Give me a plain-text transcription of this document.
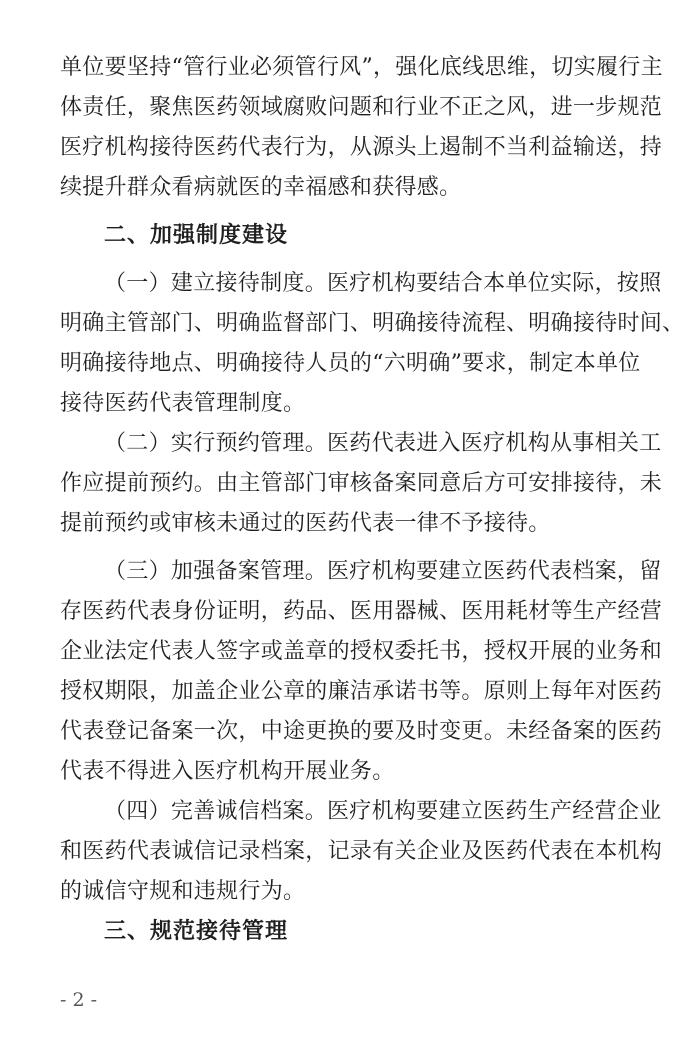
单位要坚持“管行业必须管行风”，强化底线思维，切实履行主
体责任，聚焦医药领域腐败问题和行业不正之风，进一步规范
医疗机构接待医药代表行为，从源头上遏制不当利益输送，持
续提升群众看病就医的幸福感和获得感。
二、加强制度建设
（一）建立接待制度。医疗机构要结合本单位实际，按照
明确主管部门、明确监督部门、明确接待流程、明确接待时间、
明确接待地点、明确接待人员的“六明确”要求，制定本单位
接待医药代表管理制度。
（二）实行预约管理。医药代表进入医疗机构从事相关工
作应提前预约。由主管部门审核备案同意后方可安排接待，未
提前预约或审核未通过的医药代表一律不予接待。
（三）加强备案管理。医疗机构要建立医药代表档案，留
存医药代表身份证明，药品、医用器械、医用耗材等生产经营
企业法定代表人签字或盖章的授权委托书，授权开展的业务和
授权期限，加盖企业公章的廉洁承诺书等。原则上每年对医药
代表登记备案一次，中途更换的要及时变更。未经备案的医药
代表不得进入医疗机构开展业务。
（四）完善诚信档案。医疗机构要建立医药生产经营企业
和医药代表诚信记录档案，记录有关企业及医药代表在本机构
的诚信守规和违规行为。
三、规范接待管理
- 2 -
